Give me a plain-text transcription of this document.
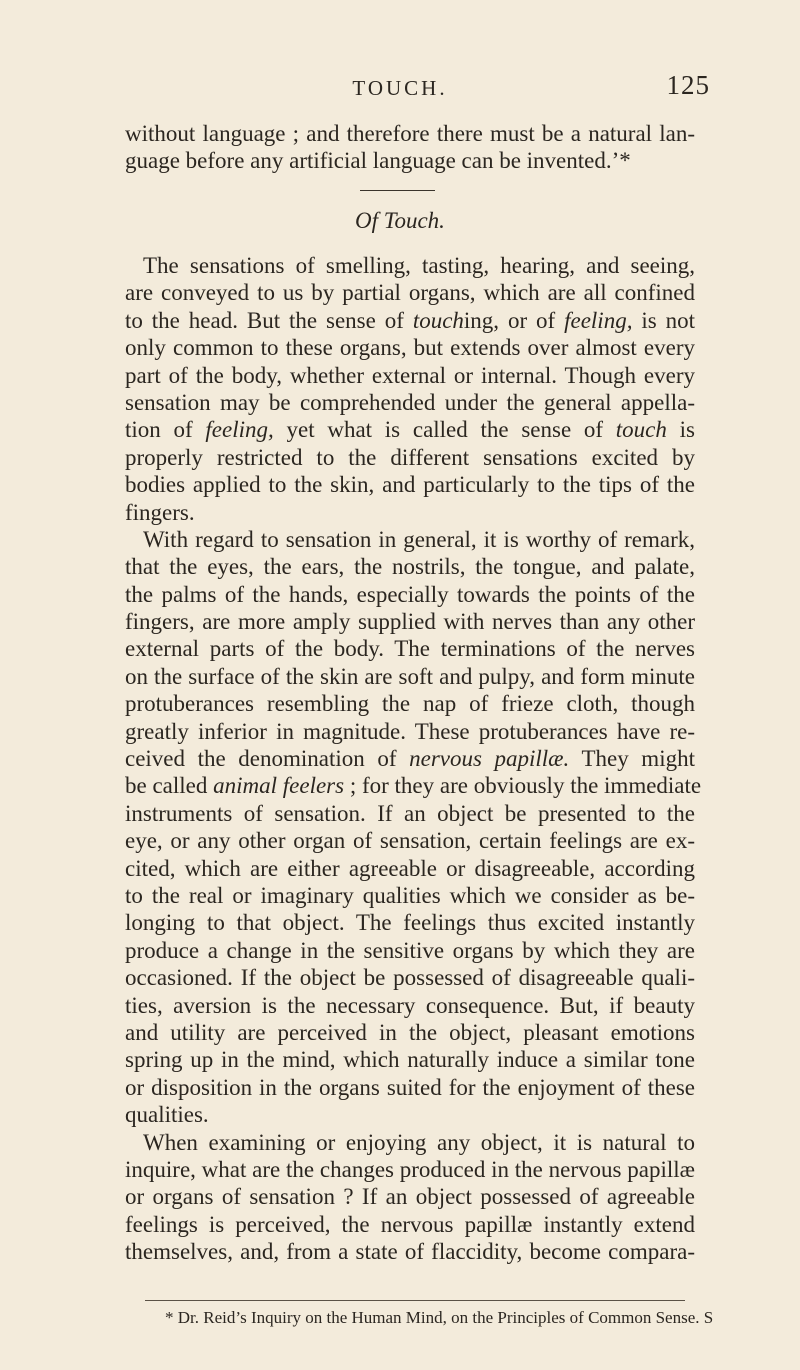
TOUCH.	125
without language ; and therefore there must be a natural lan-
guage before any artificial language can be invented.’*
Of Touch.
The sensations of smelling, tasting, hearing, and seeing,
are conveyed to us by partial organs, which are all confined
to the head. But the sense of touching, or of feeling, is not
only common to these organs, but extends over almost every
part of the body, whether external or internal. Though every
sensation may be comprehended under the general appella-
tion of feeling, yet what is called the sense of touch is
properly restricted to the different sensations excited by
bodies applied to the skin, and particularly to the tips of the
fingers.
With regard to sensation in general, it is worthy of remark,
that the eyes, the ears, the nostrils, the tongue, and palate,
the palms of the hands, especially towards the points of the
fingers, are more amply supplied with nerves than any other
external parts of the body. The terminations of the nerves
on the surface of the skin are soft and pulpy, and form minute
protuberances resembling the nap of frieze cloth, though
greatly inferior in magnitude. These protuberances have re-
ceived the denomination of nervous papillæ. They might
be called animal feelers ; for they are obviously the immediate
instruments of sensation. If an object be presented to the
eye, or any other organ of sensation, certain feelings are ex-
cited, which are either agreeable or disagreeable, according
to the real or imaginary qualities which we consider as be-
longing to that object. The feelings thus excited instantly
produce a change in the sensitive organs by which they are
occasioned. If the object be possessed of disagreeable quali-
ties, aversion is the necessary consequence. But, if beauty
and utility are perceived in the object, pleasant emotions
spring up in the mind, which naturally induce a similar tone
or disposition in the organs suited for the enjoyment of these
qualities.
When examining or enjoying any object, it is natural to
inquire, what are the changes produced in the nervous papillæ
or organs of sensation ? If an object possessed of agreeable
feelings is perceived, the nervous papillæ instantly extend
themselves, and, from a state of flaccidity, become compara-
* Dr. Reid’s Inquiry on the Human Mind, on the Principles of Common Sense. S
